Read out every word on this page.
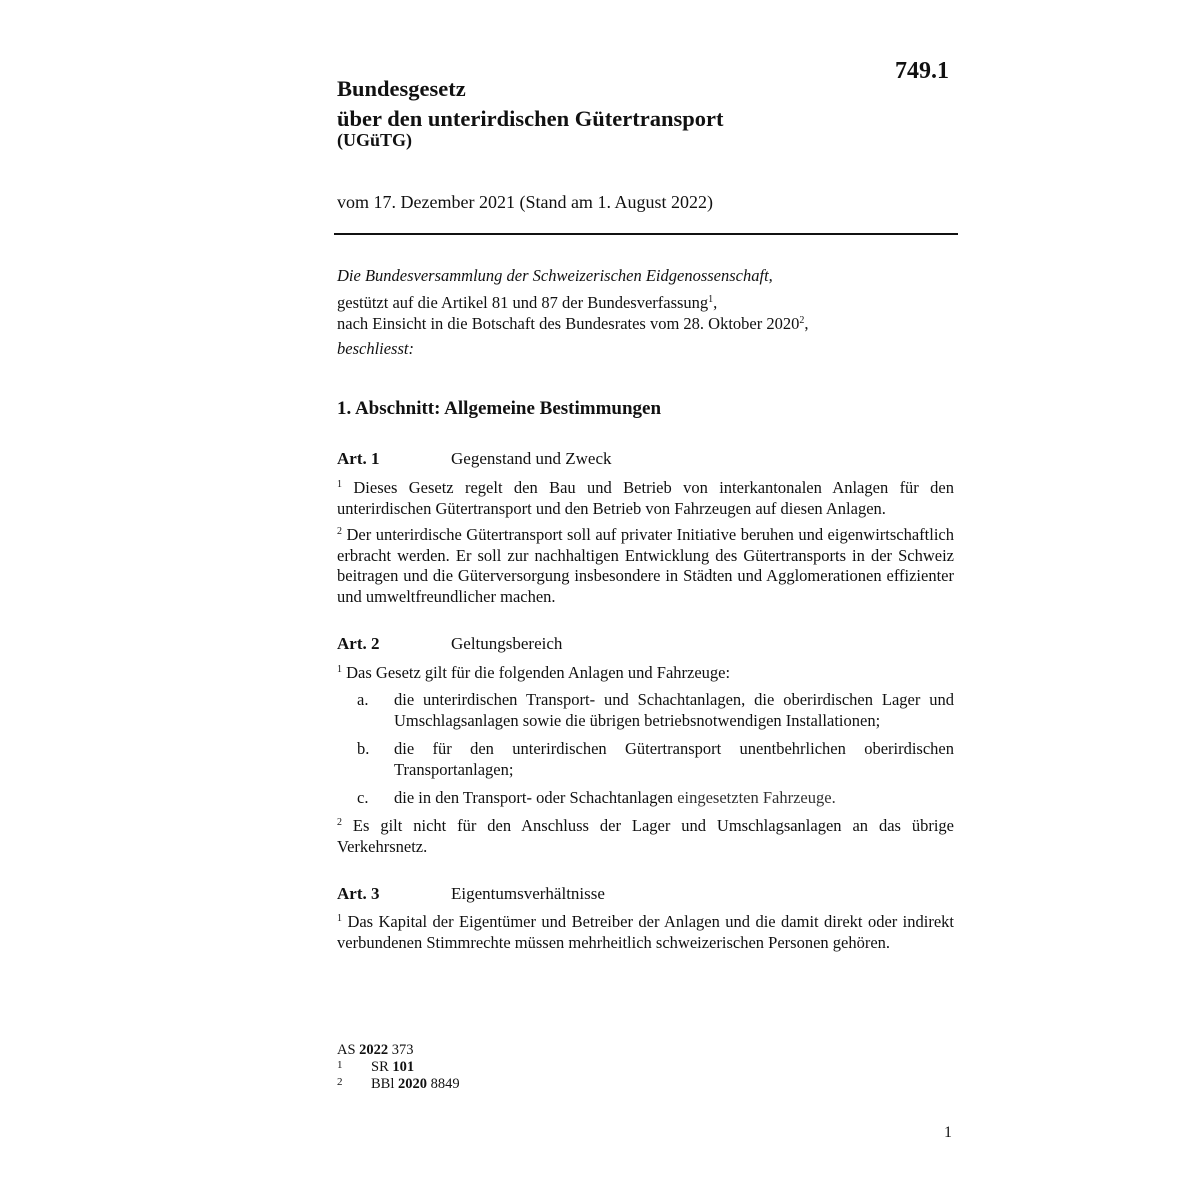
749.1
Bundesgesetz
über den unterirdischen Gütertransport
(UGüTG)
vom 17. Dezember 2021 (Stand am 1. August 2022)

Die Bundesversammlung der Schweizerischen Eidgenossenschaft,

gestützt auf die Artikel 81 und 87 der Bundesverfassung$^1$,

nach Einsicht in die Botschaft des Bundesrates vom 28. Oktober 2020$^2$,

beschliesst:

1. Abschnitt: Allgemeine Bestimmungen
Art. 1	Gegenstand und Zweck

$^1$ Dieses Gesetz regelt den Bau und Betrieb von interkantonalen Anlagen für den unterirdischen Gütertransport und den Betrieb von Fahrzeugen auf diesen Anlagen.

$^2$ Der unterirdische Gütertransport soll auf privater Initiative beruhen und eigenwirtschaftlich erbracht werden. Er soll zur nachhaltigen Entwicklung des Gütertransports in der Schweiz beitragen und die Güterversorgung insbesondere in Städten und Agglomerationen effizienter und umweltfreundlicher machen.

Art. 2	Geltungsbereich

$^1$ Das Gesetz gilt für die folgenden Anlagen und Fahrzeuge:

a. die unterirdischen Transport- und Schachtanlagen, die oberirdischen Lager und Umschlagsanlagen sowie die übrigen betriebsnotwendigen Installationen;
b. die für den unterirdischen Gütertransport unentbehrlichen oberirdischen Transportanlagen;
c. die in den Transport- oder Schachtanlagen eingesetzten Fahrzeuge.

$^2$ Es gilt nicht für den Anschluss der Lager und Umschlagsanlagen an das übrige Verkehrsnetz.

Art. 3	Eigentumsverhältnisse

$^1$ Das Kapital der Eigentümer und Betreiber der Anlagen und die damit direkt oder indirekt verbundenen Stimmrechte müssen mehrheitlich schweizerischen Personen gehören.

AS 2022 373
1 SR 101
2 BBl 2020 8849
1
